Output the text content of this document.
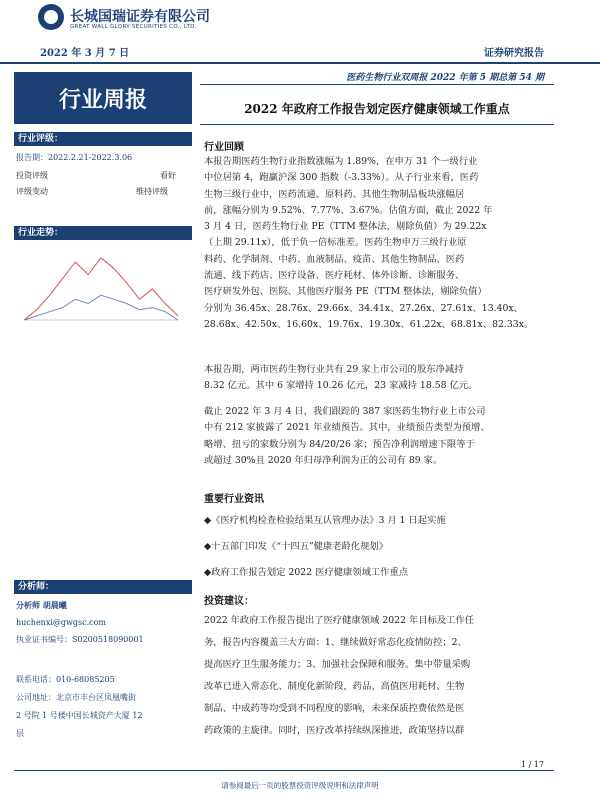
长城国瑞证券有限公司
GREAT WALL GLORY SECURITIES CO., LTD.
2022 年 3 月 7 日	证券研究报告
医药生物行业双周报 2022 年第 5 期总第 54 期
行业周报	2022 年政府工作报告划定医疗健康领域工作重点
行业评级：
报告期：2022.2.21-2022.3.06
投资评级	看好
评级变动	维持评级
行业走势：
分析师：
分析师 胡晨曦
huchenxi@gwgsc.com
执业证书编号：S0200518090001
联系电话：010-68085205
公司地址：北京市丰台区凤凰嘴街
2 号院 1 号楼中国长城资产大厦 12
层
行业回顾
本报告期医药生物行业指数涨幅为 1.89%，在申万 31 个一级行业
中位居第 4，跑赢沪深 300 指数（-3.33%）。从子行业来看，医药
生物三级行业中，医药流通、原料药、其他生物制品板块涨幅居
前，涨幅分别为 9.52%、7.77%、3.67%。估值方面，截止 2022 年
3 月 4 日，医药生物行业 PE（TTM 整体法，剔除负值）为 29.22x
（上期 29.11x），低于负一倍标准差。医药生物申万三级行业原
料药、化学制剂、中药、血液制品、疫苗、其他生物制品、医药
流通、线下药店、医疗设备、医疗耗材、体外诊断、诊断服务、
医疗研发外包、医院、其他医疗服务 PE（TTM 整体法，剔除负值）
分别为 36.45x、28.76x、29.66x、34.41x、27.26x、27.61x、13.40x、
28.68x、42.50x、16.60x、19.76x、19.30x、61.22x、68.81x、82.33x。
本报告期，两市医药生物行业共有 29 家上市公司的股东净减持
8.32 亿元。其中 6 家增持 10.26 亿元，23 家减持 18.58 亿元。
截止 2022 年 3 月 4 日，我们跟踪的 387 家医药生物行业上市公司
中有 212 家披露了 2021 年业绩预告。其中，业绩预告类型为预增、
略增、扭亏的家数分别为 84/20/26 家；预告净利润增速下限等于
或超过 30%且 2020 年归母净利润为正的公司有 89 家。
重要行业资讯
◆《医疗机构检查检验结果互认管理办法》3 月 1 日起实施
◆十五部门印发《“十四五”健康老龄化规划》
◆政府工作报告划定 2022 医疗健康领域工作重点
投资建议：
2022 年政府工作报告提出了医疗健康领域 2022 年目标及工作任
务，报告内容覆盖三大方面：1、继续做好常态化疫情防控；2、
提高医疗卫生服务能力；3、加强社会保障和服务。集中带量采购
改革已进入常态化、制度化新阶段，药品、高值医用耗材、生物
制品、中成药等均受到不同程度的影响，未来保质控费依然是医
药政策的主旋律。同时，医疗改革持续纵深推进，政策坚持以群
1 / 17
请参阅最后一页的股票投资评级说明和法律声明
